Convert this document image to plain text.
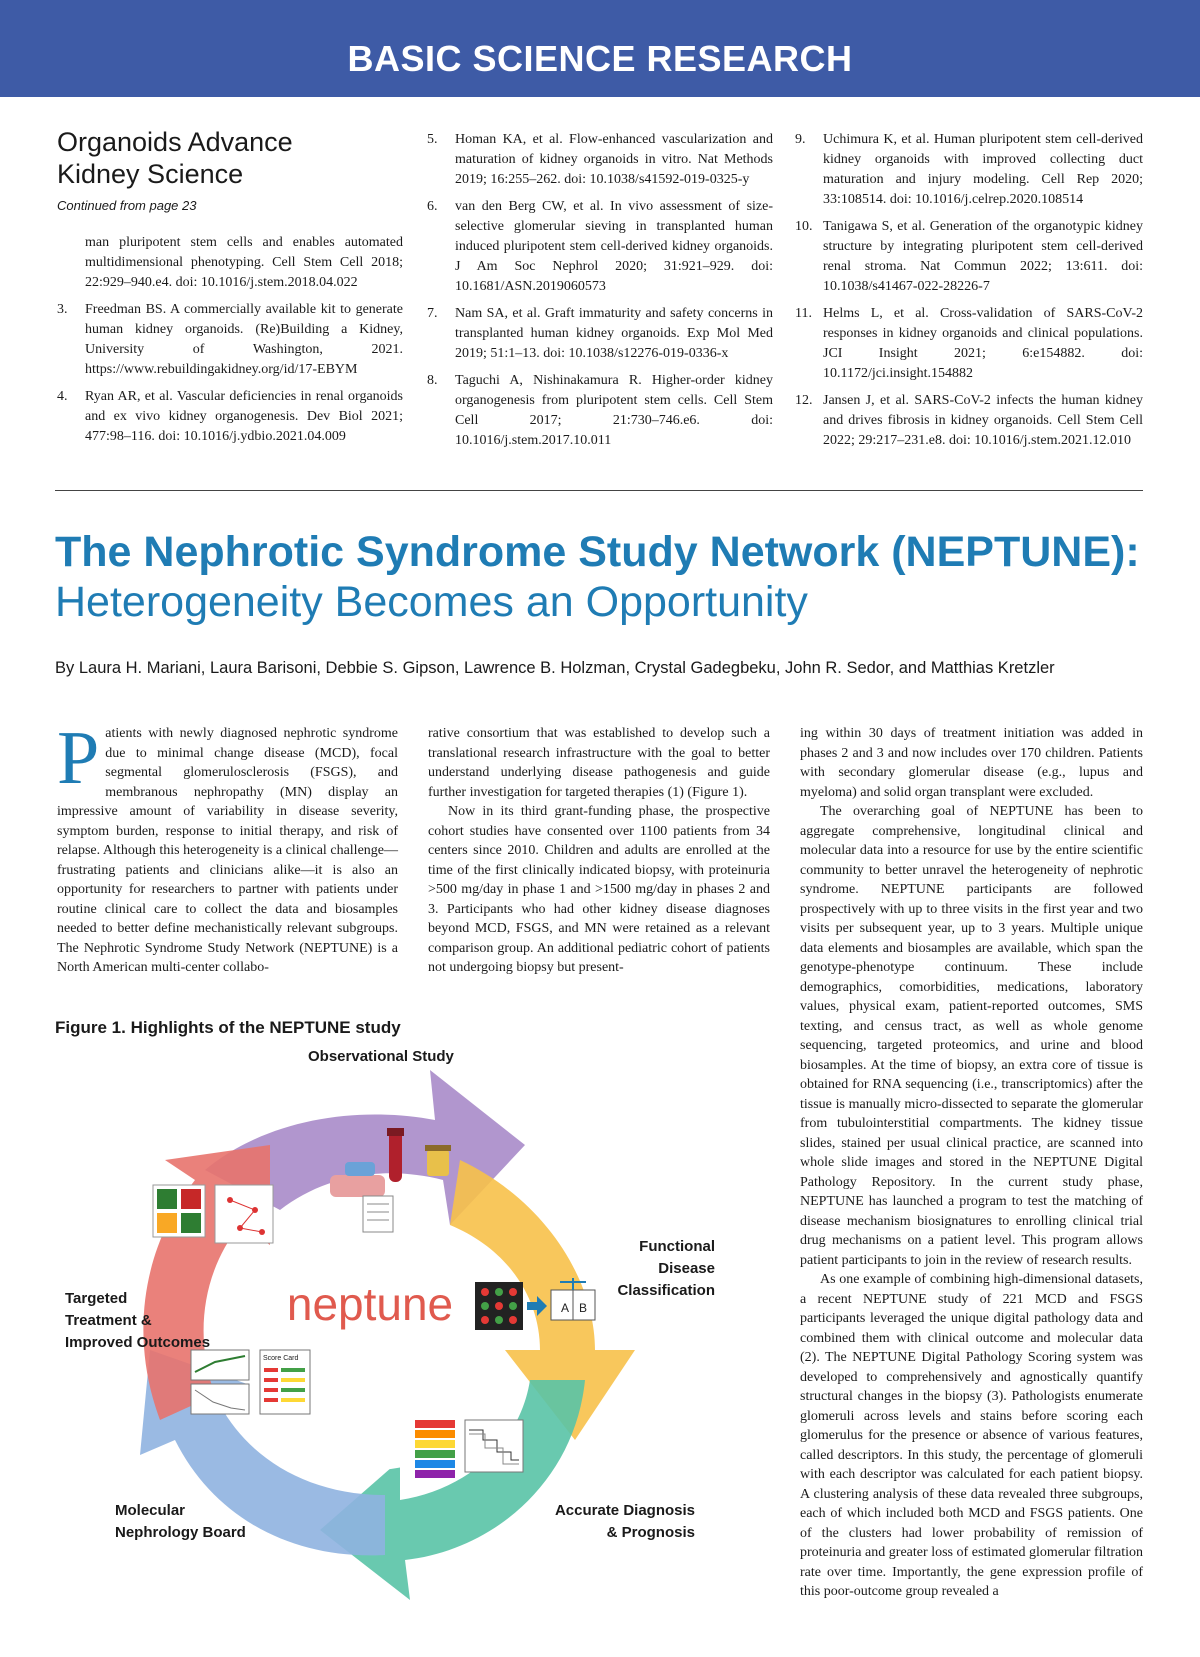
BASIC SCIENCE RESEARCH
Organoids Advance
Kidney Science
Continued from page 23
man pluripotent stem cells and enables automated multidimensional phenotyping. Cell Stem Cell 2018; 22:929–940.e4. doi: 10.1016/j.stem.2018.04.022
3. Freedman BS. A commercially available kit to generate human kidney organoids. (Re)Building a Kidney, University of Washington, 2021. https://www.rebuildingakidney.org/id/17-EBYM
4. Ryan AR, et al. Vascular deficiencies in renal organoids and ex vivo kidney organogenesis. Dev Biol 2021; 477:98–116. doi: 10.1016/j.ydbio.2021.04.009
5. Homan KA, et al. Flow-enhanced vascularization and maturation of kidney organoids in vitro. Nat Methods 2019; 16:255–262. doi: 10.1038/s41592-019-0325-y
6. van den Berg CW, et al. In vivo assessment of size-selective glomerular sieving in transplanted human induced pluripotent stem cell-derived kidney organoids. J Am Soc Nephrol 2020; 31:921–929. doi: 10.1681/ASN.2019060573
7. Nam SA, et al. Graft immaturity and safety concerns in transplanted human kidney organoids. Exp Mol Med 2019; 51:1–13. doi: 10.1038/s12276-019-0336-x
8. Taguchi A, Nishinakamura R. Higher-order kidney organogenesis from pluripotent stem cells. Cell Stem Cell 2017; 21:730–746.e6. doi: 10.1016/j.stem.2017.10.011
9. Uchimura K, et al. Human pluripotent stem cell-derived kidney organoids with improved collecting duct maturation and injury modeling. Cell Rep 2020; 33:108514. doi: 10.1016/j.celrep.2020.108514
10. Tanigawa S, et al. Generation of the organotypic kidney structure by integrating pluripotent stem cell-derived renal stroma. Nat Commun 2022; 13:611. doi: 10.1038/s41467-022-28226-7
11. Helms L, et al. Cross-validation of SARS-CoV-2 responses in kidney organoids and clinical populations. JCI Insight 2021; 6:e154882. doi: 10.1172/jci.insight.154882
12. Jansen J, et al. SARS-CoV-2 infects the human kidney and drives fibrosis in kidney organoids. Cell Stem Cell 2022; 29:217–231.e8. doi: 10.1016/j.stem.2021.12.010
The Nephrotic Syndrome Study Network (NEPTUNE): Heterogeneity Becomes an Opportunity
By Laura H. Mariani, Laura Barisoni, Debbie S. Gipson, Lawrence B. Holzman, Crystal Gadegbeku, John R. Sedor, and Matthias Kretzler

Patients with newly diagnosed nephrotic syndrome due to minimal change disease (MCD), focal segmental glomerulosclerosis (FSGS), and membranous nephropathy (MN) display an impressive amount of variability in disease severity, symptom burden, response to initial therapy, and risk of relapse. Although this heterogeneity is a clinical challenge—frustrating patients and clinicians alike—it is also an opportunity for researchers to partner with patients under routine clinical care to collect the data and biosamples needed to better define mechanistically relevant subgroups. The Nephrotic Syndrome Study Network (NEPTUNE) is a North American multi-center collabo-

rative consortium that was established to develop such a translational research infrastructure with the goal to better understand underlying disease pathogenesis and guide further investigation for targeted therapies (1) (Figure 1).

Now in its third grant-funding phase, the prospective cohort studies have consented over 1100 patients from 34 centers since 2010. Children and adults are enrolled at the time of the first clinically indicated biopsy, with proteinuria >500 mg/day in phase 1 and >1500 mg/day in phases 2 and 3. Participants who had other kidney disease diagnoses beyond MCD, FSGS, and MN were retained as a relevant comparison group. An additional pediatric cohort of patients not undergoing biopsy but present-

ing within 30 days of treatment initiation was added in phases 2 and 3 and now includes over 170 children. Patients with secondary glomerular disease (e.g., lupus and myeloma) and solid organ transplant were excluded.

The overarching goal of NEPTUNE has been to aggregate comprehensive, longitudinal clinical and molecular data into a resource for use by the entire scientific community to better unravel the heterogeneity of nephrotic syndrome. NEPTUNE participants are followed prospectively with up to three visits in the first year and two visits per subsequent year, up to 3 years. Multiple unique data elements and biosamples are available, which span the genotype-phenotype continuum. These include demographics, comorbidities, medications, laboratory values, physical exam, patient-reported outcomes, SMS texting, and census tract, as well as whole genome sequencing, targeted proteomics, and urine and blood biosamples. At the time of biopsy, an extra core of tissue is obtained for RNA sequencing (i.e., transcriptomics) after the tissue is manually micro-dissected to separate the glomerular from tubulointerstitial compartments. The kidney tissue slides, stained per usual clinical practice, are scanned into whole slide images and stored in the NEPTUNE Digital Pathology Repository. In the current study phase, NEPTUNE has launched a program to test the matching of disease mechanism biosignatures to enrolling clinical trial drug mechanisms on a patient level. This program allows patient participants to join in the review of research results.

As one example of combining high-dimensional datasets, a recent NEPTUNE study of 221 MCD and FSGS participants leveraged the unique digital pathology data and combined them with clinical outcome and molecular data (2). The NEPTUNE Digital Pathology Scoring system was developed to comprehensively and agnostically quantify structural changes in the biopsy (3). Pathologists enumerate glomeruli across levels and stains before scoring each glomerulus for the presence or absence of various features, called descriptors. In this study, the percentage of glomeruli with each descriptor was calculated for each patient biopsy. A clustering analysis of these data revealed three subgroups, each of which included both MCD and FSGS patients. One of the clusters had lower probability of remission of proteinuria and greater loss of estimated glomerular filtration rate over time. Importantly, the gene expression profile of this poor-outcome group revealed a

Figure 1. Highlights of the NEPTUNE study
A B
Score Card
neptune
Observational Study
Functional
Disease
Classification
Targeted
Treatment &
Improved Outcomes
Molecular
Nephrology Board
Accurate Diagnosis
& Prognosis
